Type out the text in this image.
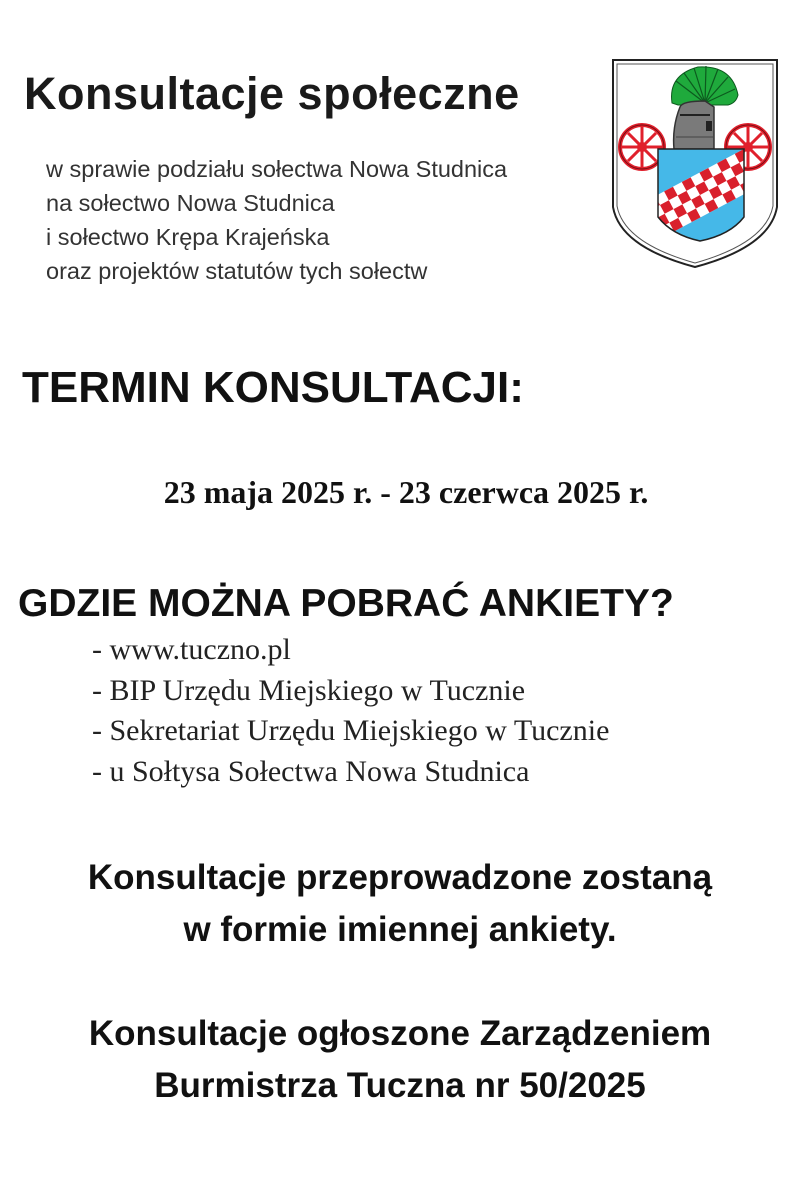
Konsultacje społeczne
w sprawie podziału sołectwa Nowa Studnica
na sołectwo Nowa Studnica
i sołectwo Krępa Krajeńska
oraz projektów statutów tych sołectw
TERMIN KONSULTACJI:
23 maja 2025 r. - 23 czerwca 2025 r.
GDZIE MOŻNA POBRAĆ ANKIETY?
- www.tuczno.pl
- BIP Urzędu Miejskiego w Tucznie
- Sekretariat Urzędu Miejskiego w Tucznie
- u Sołtysa Sołectwa Nowa Studnica
Konsultacje przeprowadzone zostaną
w formie imiennej ankiety.
Konsultacje ogłoszone Zarządzeniem
Burmistrza Tuczna nr 50/2025
